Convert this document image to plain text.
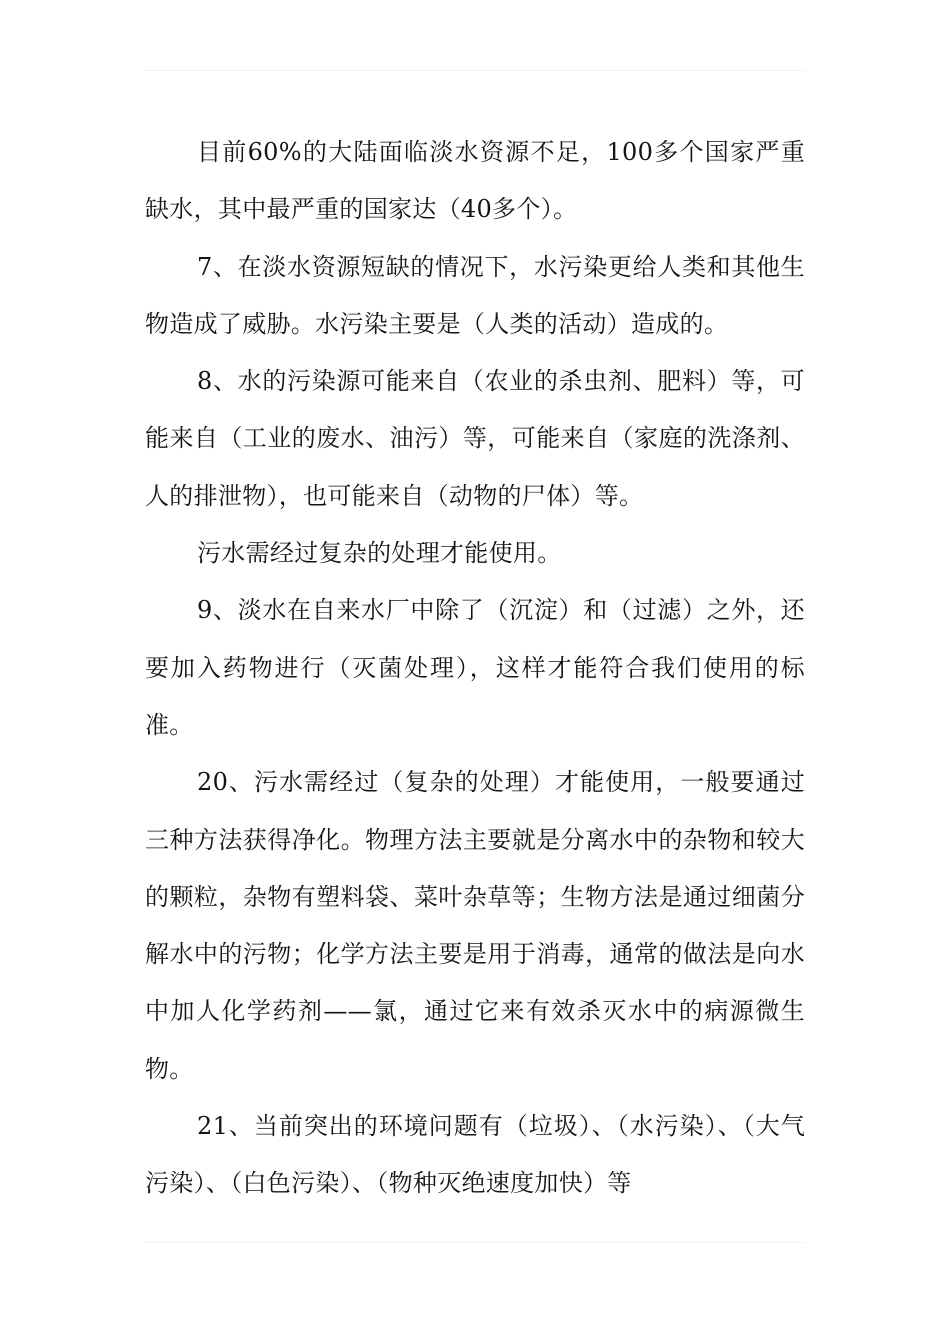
目前60%的大陆面临淡水资源不足，100多个国家严重缺水，其中最严重的国家达（40多个）。

7、在淡水资源短缺的情况下，水污染更给人类和其他生物造成了威胁。水污染主要是（人类的活动）造成的。

8、水的污染源可能来自（农业的杀虫剂、肥料）等，可能来自（工业的废水、油污）等，可能来自（家庭的洗涤剂、人的排泄物），也可能来自（动物的尸体）等。

污水需经过复杂的处理才能使用。

9、淡水在自来水厂中除了（沉淀）和（过滤）之外，还要加入药物进行（灭菌处理），这样才能符合我们使用的标准。

20、污水需经过（复杂的处理）才能使用，一般要通过三种方法获得净化。物理方法主要就是分离水中的杂物和较大的颗粒，杂物有塑料袋、菜叶杂草等；生物方法是通过细菌分解水中的污物；化学方法主要是用于消毒，通常的做法是向水中加人化学药剂——氯，通过它来有效杀灭水中的病源微生物。

21、当前突出的环境问题有（垃圾）、（水污染）、（大气污染）、（白色污染）、（物种灭绝速度加快）等
